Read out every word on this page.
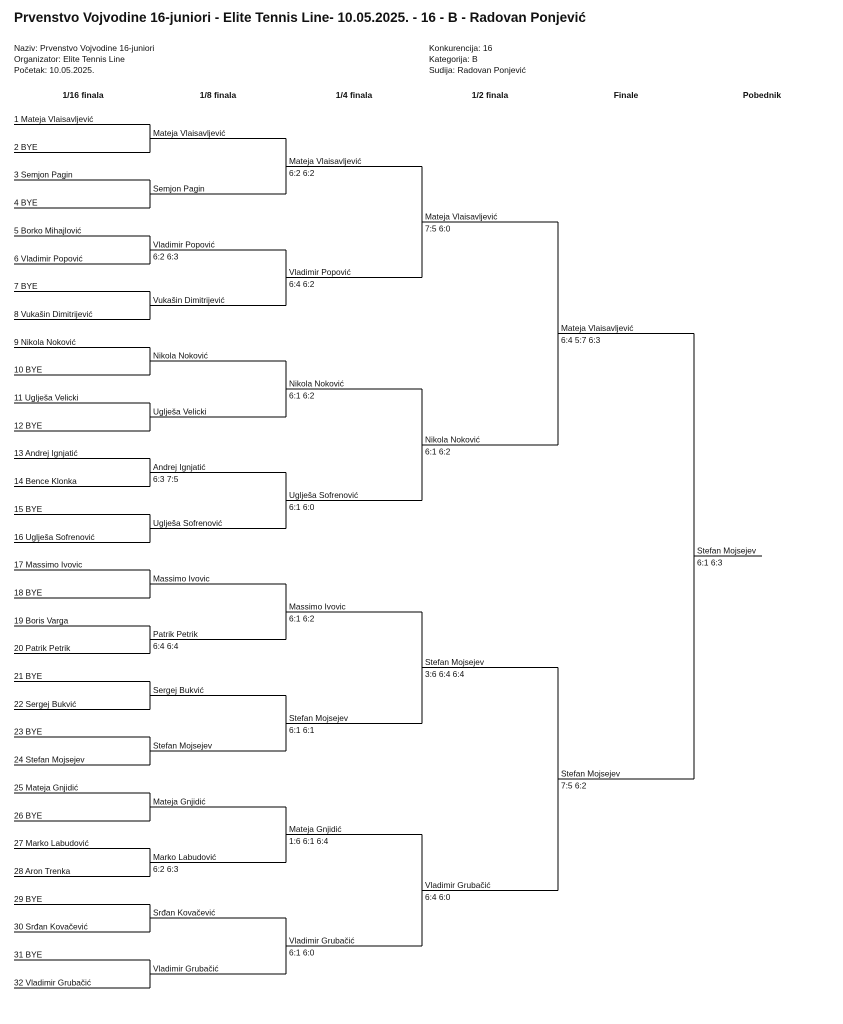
Prvenstvo Vojvodine 16-juniori - Elite Tennis Line- 10.05.2025. - 16 - B - Radovan Ponjević
Naziv: Prvenstvo Vojvodine 16-juniori
Organizator: Elite Tennis Line
Početak: 10.05.2025.
Konkurencija: 16
Kategorija: B
Sudija: Radovan Ponjević
1/16 finala	1/8 finala	1/4 finala	1/2 finala	Finale	Pobednik
1 Mateja Vlaisavljević
2 BYE
3 Semjon Pagin
4 BYE
5 Borko Mihajlović
6 Vladimir Popović
7 BYE
8 Vukašin Dimitrijević
9 Nikola Noković
10 BYE
11 Uglješa Velicki
12 BYE
13 Andrej Ignjatić
14 Bence Klonka
15 BYE
16 Uglješa Sofrenović
17 Massimo Ivovic
18 BYE
19 Boris Varga
20 Patrik Petrik
21 BYE
22 Sergej Bukvić
23 BYE
24 Stefan Mojsejev
25 Mateja Gnjidić
26 BYE
27 Marko Labudović
28 Aron Trenka
29 BYE
30 Srđan Kovačević
31 BYE
32 Vladimir Grubačić
Mateja Vlaisavljević
Semjon Pagin
Vladimir Popović
6:2 6:3
Vukašin Dimitrijević
Nikola Noković
Uglješa Velicki
Andrej Ignjatić
6:3 7:5
Uglješa Sofrenović
Massimo Ivovic
Patrik Petrik
6:4 6:4
Sergej Bukvić
Stefan Mojsejev
Mateja Gnjidić
Marko Labudović
6:2 6:3
Srđan Kovačević
Vladimir Grubačić
Mateja Vlaisavljević
6:2 6:2
Vladimir Popović
6:4 6:2
Nikola Noković
6:1 6:2
Uglješa Sofrenović
6:1 6:0
Massimo Ivovic
6:1 6:2
Stefan Mojsejev
6:1 6:1
Mateja Gnjidić
1:6 6:1 6:4
Vladimir Grubačić
6:1 6:0
Mateja Vlaisavljević
7:5 6:0
Nikola Noković
6:1 6:2
Stefan Mojsejev
3:6 6:4 6:4
Vladimir Grubačić
6:4 6:0
Mateja Vlaisavljević
6:4 5:7 6:3
Stefan Mojsejev
7:5 6:2
Stefan Mojsejev
6:1 6:3
